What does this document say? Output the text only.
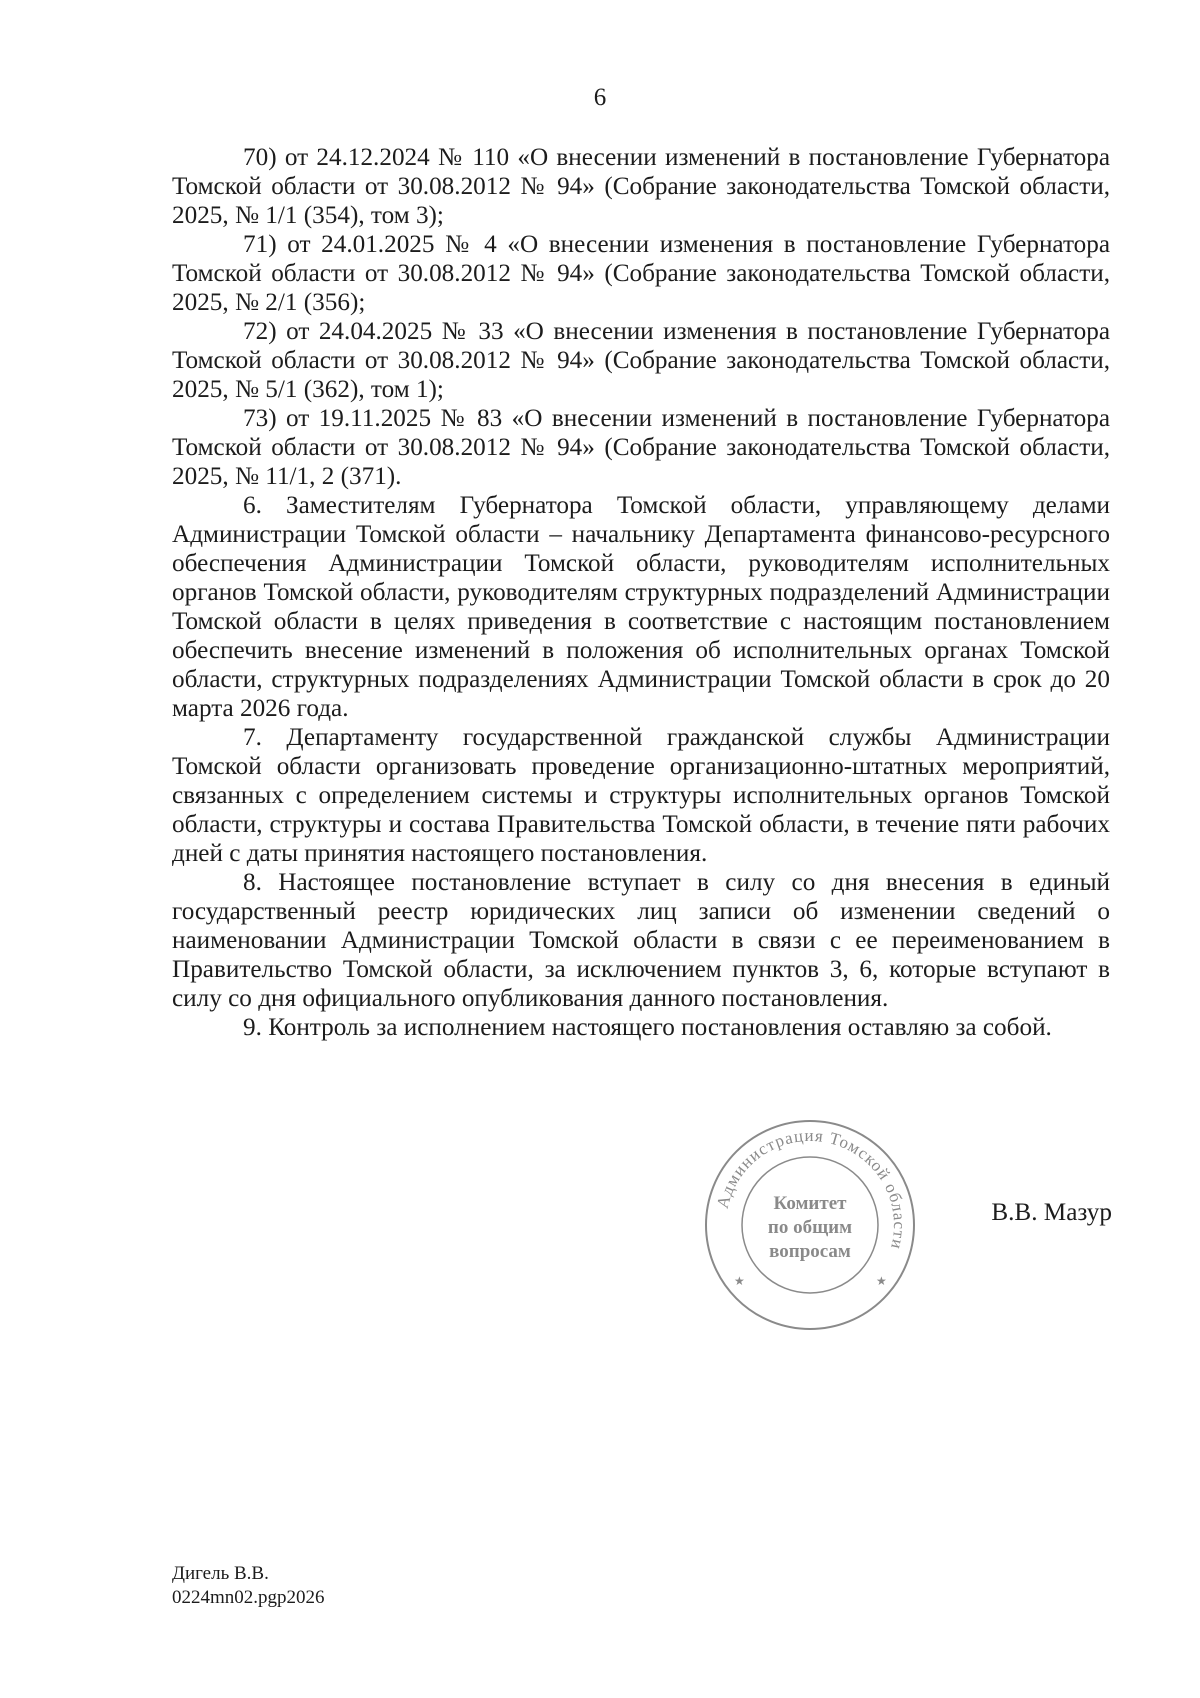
6

70) от 24.12.2024 № 110 «О внесении изменений в постановление Губернатора Томской области от 30.08.2012 № 94» (Собрание законодательства Томской области, 2025, № 1/1 (354), том 3);

71) от 24.01.2025 № 4 «О внесении изменения в постановление Губернатора Томской области от 30.08.2012 № 94» (Собрание законодательства Томской области, 2025, № 2/1 (356);

72) от 24.04.2025 № 33 «О внесении изменения в постановление Губернатора Томской области от 30.08.2012 № 94» (Собрание законодательства Томской области, 2025, № 5/1 (362), том 1);

73) от 19.11.2025 № 83 «О внесении изменений в постановление Губернатора Томской области от 30.08.2012 № 94» (Собрание законодательства Томской области, 2025, № 11/1, 2 (371).

6. Заместителям Губернатора Томской области, управляющему делами Администрации Томской области – начальнику Департамента финансово-ресурсного обеспечения Администрации Томской области, руководителям исполнительных органов Томской области, руководителям структурных подразделений Администрации Томской области в целях приведения в соответствие с настоящим постановлением обеспечить внесение изменений в положения об исполнительных органах Томской области, структурных подразделениях Администрации Томской области в срок до 20 марта 2026 года.

7. Департаменту государственной гражданской службы Администрации Томской области организовать проведение организационно-штатных мероприятий, связанных с определением системы и структуры исполнительных органов Томской области, структуры и состава Правительства Томской области, в течение пяти рабочих дней с даты принятия настоящего постановления.

8. Настоящее постановление вступает в силу со дня внесения в единый государственный реестр юридических лиц записи об изменении сведений о наименовании Администрации Томской области в связи с ее переименованием в Правительство Томской области, за исключением пунктов 3, 6, которые вступают в силу со дня официального опубликования данного постановления.

9. Контроль за исполнением настоящего постановления оставляю за собой.

Администрация Томской области
Комитет
по общим
вопросам
★	★
В.В. Мазур
Дигель В.В.
0224mn02.pgp2026
